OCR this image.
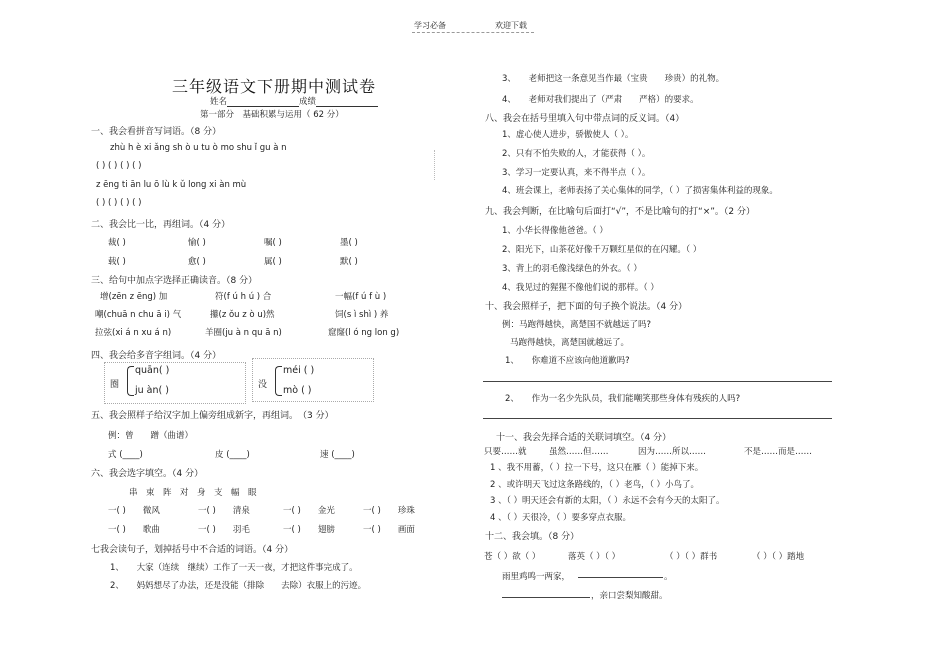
学习必备	欢迎下载
三年级语文下册期中测试卷
姓名	成绩
第一部分　基础积累与运用（ 62 分）
一、我会看拼音写词语。（8 分）
zhù h è xi ǎng sh ò u tu ò mo shu ǐ gu à n
( ) ( ) ( ) ( )
z ēng ti ān lu ō lù k ǔ long xi àn mù
( ) ( ) ( ) ( )
二、我会比一比，再组词。（4 分）
裁( )	愉( )	嘱( )	墨( )
载( )	愈( )	属( )	默( )
三、给句中加点字选择正确读音。（8 分）
增(zēn z ēng) 加	符(f ú h ú ) 合	一幅(f ú f ù )
嘲(chuā n chu ā i) 气	攥(z ǒu z ò u)然	饲(s ì shì ) 养
拉弦(xi á n xu á n)	羊圈(ju à n qu ā n)	窟窿(l ó ng lon g)
四、我会给多音字组词。（4 分）
圈
quān( )
ju àn( )	没
méi ( )
mò ( )
五、我会照样子给汉字加上偏旁组成新字，再组词。　（3 分）
例：曾　　蹭（曲谱）
式 (____)	皮 (____)	速 (____)
六、我会选字填空。（4 分）
串　束　阵　对　身　支　幅　眼
一( )　　微风	一( )　　清泉	一( )　　金光	一( )　　珍珠
一( )　　歌曲	一( )　　羽毛	一( )　　翅膀	一( )　　画面
七我会读句子，划掉括号中不合适的词语。（4 分）
1、　　大家（连续　继续）工作了一天一夜，才把这件事完成了。
2、　　妈妈想尽了办法，还是没能（排除　　去除）衣服上的污迹。
3、　　老师把这一条意见当作最（宝贵　　珍贵）的礼物。
4、　　老师对我们提出了（严肃　　严格）的要求。
八、我会在括号里填入句中带点词的反义词。（4）
1、虚心使人进步，骄傲使人（ ）。
2、只有不怕失败的人，才能获得（ ）。
3、学习一定要认真，来不得半点（ ）。
4、班会课上，老师表扬了关心集体的同学，（ ）了损害集体利益的现象。
九、我会判断，在比喻句后面打“√”，不是比喻句的打“×”。（2 分）
1、小华长得像他爸爸。（ ）
2、阳光下，山茶花好像千万颗红星似的在闪耀。（ ）
3、背上的羽毛像浅绿色的外衣。（ ）
4、我见过的猩猩不像他们说的那样。（ ）
十、我会照样子，把下面的句子换个说法。（4 分）
例：马跑得越快，离楚国不就越远了吗?
马跑得越快，离楚国就越远了。
1、　　你难道不应该向他道歉吗?
2、　　作为一名少先队员，我们能嘲笑那些身体有残疾的人吗?
十一、我会先择合适的关联词填空。（4 分）
只要……就	虽然……但……	因为……所以……	不是……而是……
1 、我不用蓄，（ ）拉一下号，这只在雁（ ）能掉下来。
2 、或许明天飞过这条路线的，（ ）老鸟，（ ）小鸟了。
3 、（ ）明天还会有新的太阳，（ ）永远不会有今天的太阳了。
4 、（ ）天很冷，（ ）要多穿点衣服。
十二、我会填。（8 分）
苍（ ）欲（ ）	落英（ ）（ ）	（ ）（ ）群书	（ ）（ ）踏地
雨里鸡鸣一两家，	。
，亲口尝梨知酸甜。
